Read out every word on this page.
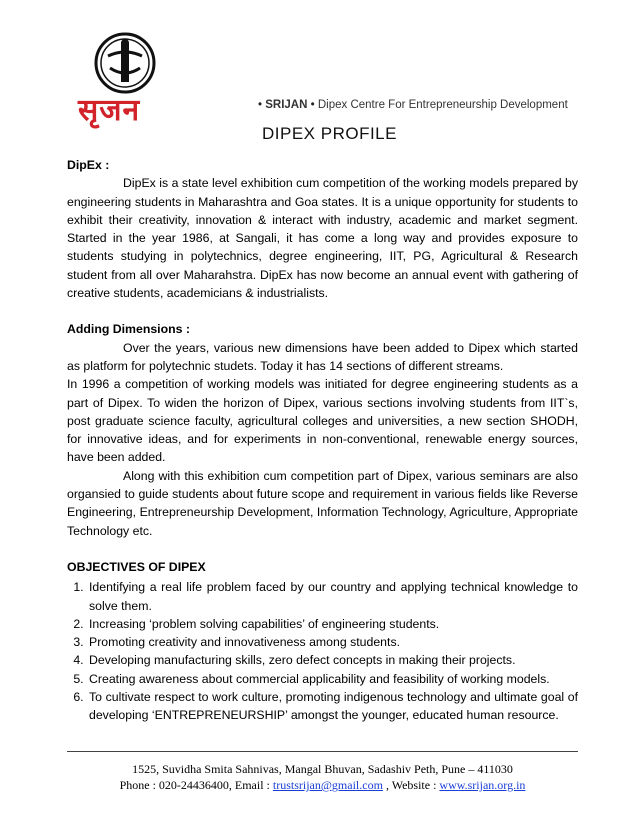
सृजन	• SRIJAN • Dipex Centre For Entrepreneurship Development
DIPEX PROFILE

DipEx :

DipEx is a state level exhibition cum competition of the working models prepared by engineering students in Maharashtra and Goa states. It is a unique opportunity for students to exhibit their creativity, innovation & interact with industry, academic and market segment. Started in the year 1986, at Sangali, it has come a long way and provides exposure to students studying in polytechnics, degree engineering, IIT, PG, Agricultural & Research student from all over Maharahstra. DipEx has now become an annual event with gathering of creative students, academicians & industrialists.

Adding Dimensions :

Over the years, various new dimensions have been added to Dipex which started as platform for polytechnic studets. Today it has 14 sections of different streams.

In 1996 a competition of working models was initiated for degree engineering students as a part of Dipex. To widen the horizon of Dipex, various sections involving students from IIT`s, post graduate science faculty, agricultural colleges and universities, a new section SHODH, for innovative ideas, and for experiments in non-conventional, renewable energy sources, have been added.

Along with this exhibition cum competition part of Dipex, various seminars are also organsied to guide students about future scope and requirement in various fields like Reverse Engineering, Entrepreneurship Development, Information Technology, Agriculture, Appropriate Technology etc.

OBJECTIVES OF DIPEX

1. Identifying a real life problem faced by our country and applying technical knowledge to solve them.
2. Increasing ‘problem solving capabilities’ of engineering students.
3. Promoting creativity and innovativeness among students.
4. Developing manufacturing skills, zero defect concepts in making their projects.
5. Creating awareness about commercial applicability and feasibility of working models.
6. To cultivate respect to work culture, promoting indigenous technology and ultimate goal of developing ‘ENTREPRENEURSHIP’ amongst the younger, educated human resource.
1525, Suvidha Smita Sahnivas, Mangal Bhuvan, Sadashiv Peth, Pune – 411030
Phone : 020-24436400, Email : trustsrijan@gmail.com , Website : www.srijan.org.in
